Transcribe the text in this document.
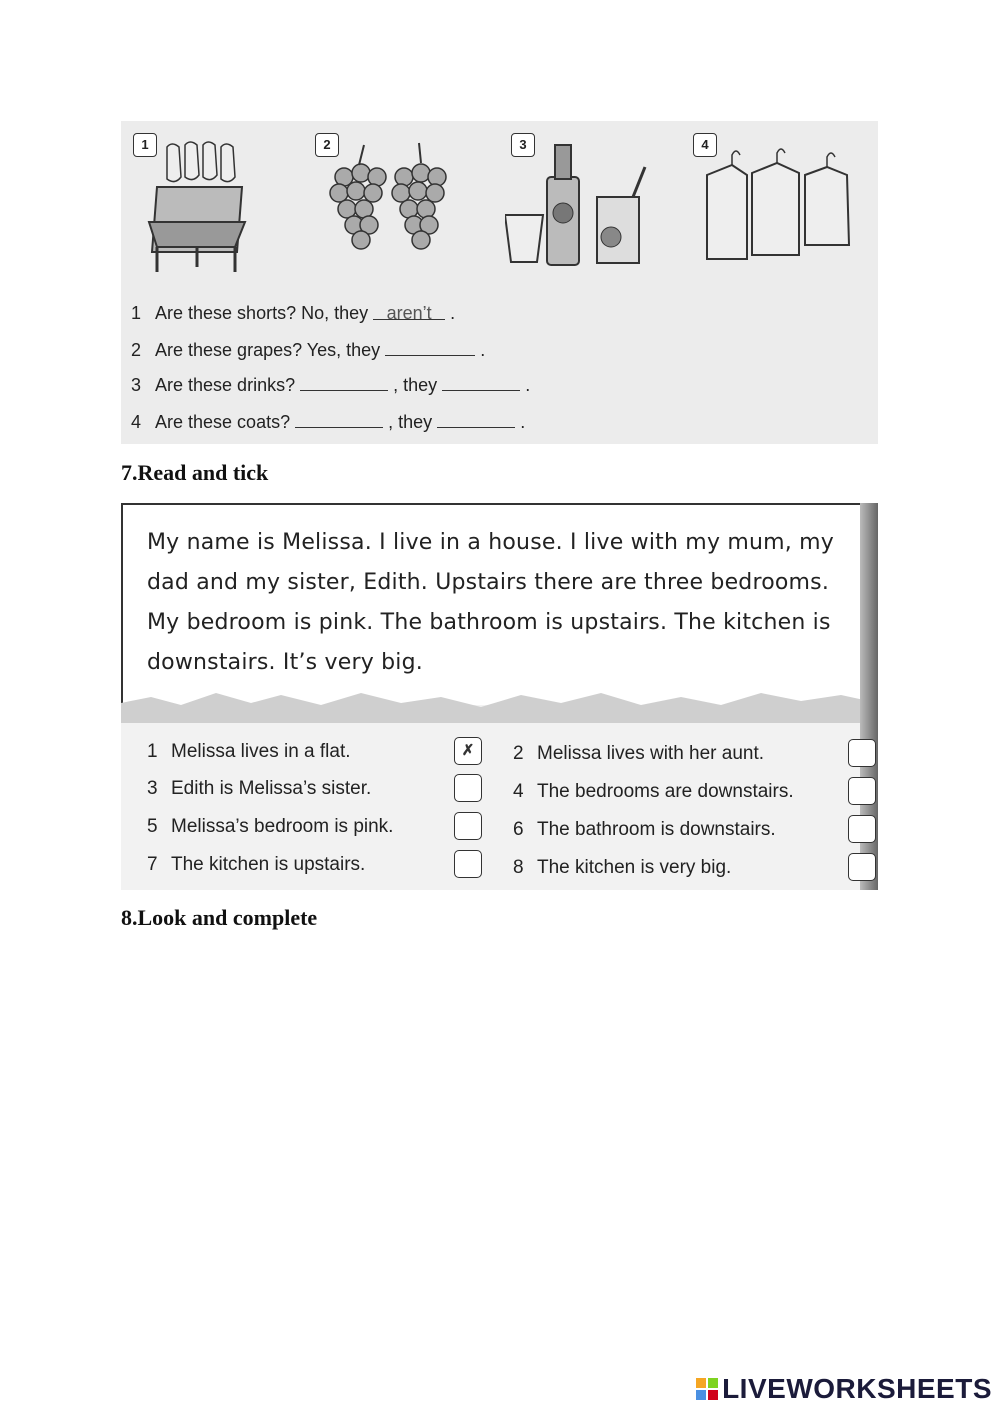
1	2	3	4
1 Are these shorts? No, they aren’t .
2 Are these grapes? Yes, they	.
3 Are these drinks?	, they	.
4 Are these coats?	, they	.
7.Read and tick

My name is Melissa. I live in a house. I live with my mum, my dad and my sister, Edith. Upstairs there are three bedrooms. My bedroom is pink. The bathroom is upstairs. The kitchen is downstairs. It’s very big.

1 Melissa lives in a flat.	✗	2 Melissa lives with her aunt.
3 Edith is Melissa’s sister.	4 The bedrooms are downstairs.
5 Melissa’s bedroom is pink.	6 The bathroom is downstairs.
7 The kitchen is upstairs.	8 The kitchen is very big.
8.Look and complete
LIVEWORKSHEETS
